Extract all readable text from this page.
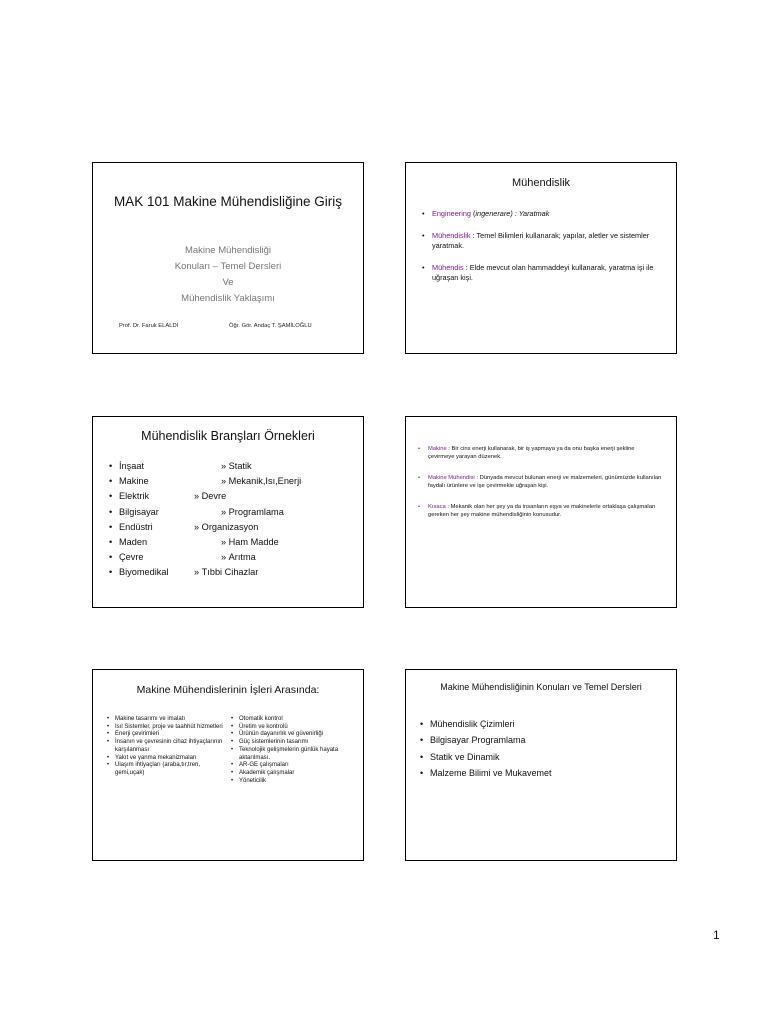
MAK 101 Makine Mühendisliğine Giriş
Makine Mühendisliği
Konuları – Temel Dersleri
Ve
Mühendislik Yaklaşımı
Prof. Dr. Faruk ELALDI	Öğr. Gör. Andaç T. ŞAMİLOĞLU
Mühendislik
• Engineering (ingenerare) : Yaratmak
• Mühendislik : Temel Bilimleri kullanarak; yapılar, aletler ve sistemler yaratmak.
• Mühendis : Elde mevcut olan hammaddeyi kullanarak, yaratma işi ile uğraşan kişi.
Mühendislik Branşları Örnekleri
• İnşaat	» Statik
• Makine	» Mekanik,Isı,Enerji
• Elektrik	» Devre
• Bilgisayar	» Programlama
• Endüstri	» Organizasyon
• Maden	» Ham Madde
• Çevre	» Arıtma
• Biyomedikal	» Tıbbi Cihazlar
• Makine : Bir cins enerji kullanarak, bir iş yapmaya ya da onu başka enerji şekline çevirmeye yarayan düzenek.
• Makine Mühendisi : Dünyada mevcut bulunan enerji ve malzemeleri, günümüzde kullanılan faydalı ürünlere ve işe çevirmekle uğraşan kişi.
• Kısaca : Mekanik olan her şey ya da insanların eşya ve makinelerle ortaklaşa çalışmaları gereken her şey makine mühendisliğinin konusudur.
Makine Mühendislerinin İşleri Arasında:
• Makine tasarımı ve imalatı
• Isıl Sistemler, proje ve taahhüt hizmetleri
• Enerji çevirimleri
• İnsanın ve çevresinin cihaz ihtiyaçlarının karşılanması
• Yakıt ve yanma mekanizmaları
• Ulaşım ihtiyaçları (araba,tır,tren, gemi,uçak)
• Otomatik kontrol
• Üretim ve kontrolü
• Ürünün dayanırlık ve güvenirliği
• Güç sistemlerinin tasarımı
• Teknolojik gelişmelerin günlük hayata aktarılması.
• AR-GE çalışmaları
• Akademik çalışmalar
• Yöneticilik
Makine Mühendisliğinin Konuları ve Temel Dersleri
• Mühendislik Çizimleri
• Bilgisayar Programlama
• Statik ve Dinamik
• Malzeme Bilimi ve Mukavemet
1
